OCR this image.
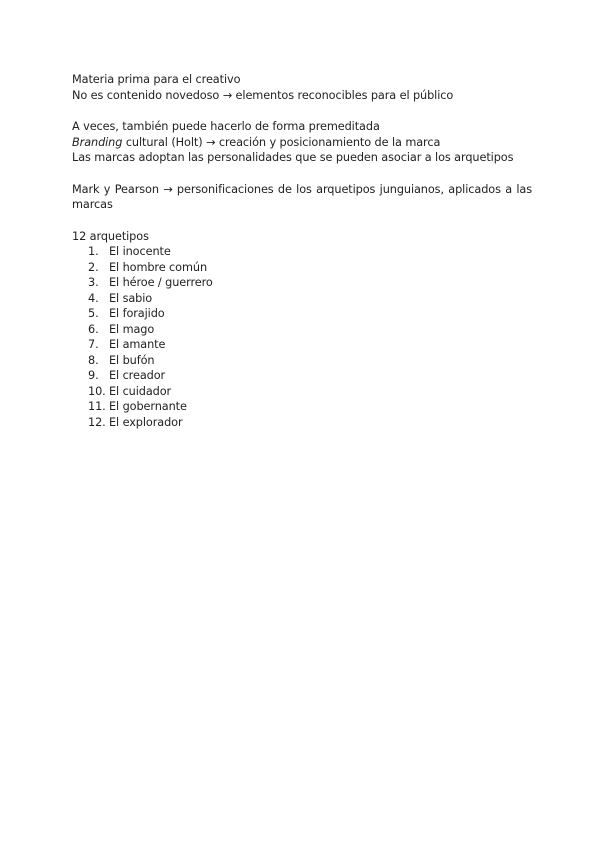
Materia prima para el creativo
No es contenido novedoso → elementos reconocibles para el público
A veces, también puede hacerlo de forma premeditada
Branding cultural (Holt) → creación y posicionamiento de la marca
Las marcas adoptan las personalidades que se pueden asociar a los arquetipos
Mark y Pearson → personificaciones de los arquetipos junguianos, aplicados a las marcas
12 arquetipos
1. El inocente
2. El hombre común
3. El héroe / guerrero
4. El sabio
5. El forajido
6. El mago
7. El amante
8. El bufón
9. El creador
10. El cuidador
11. El gobernante
12. El explorador
